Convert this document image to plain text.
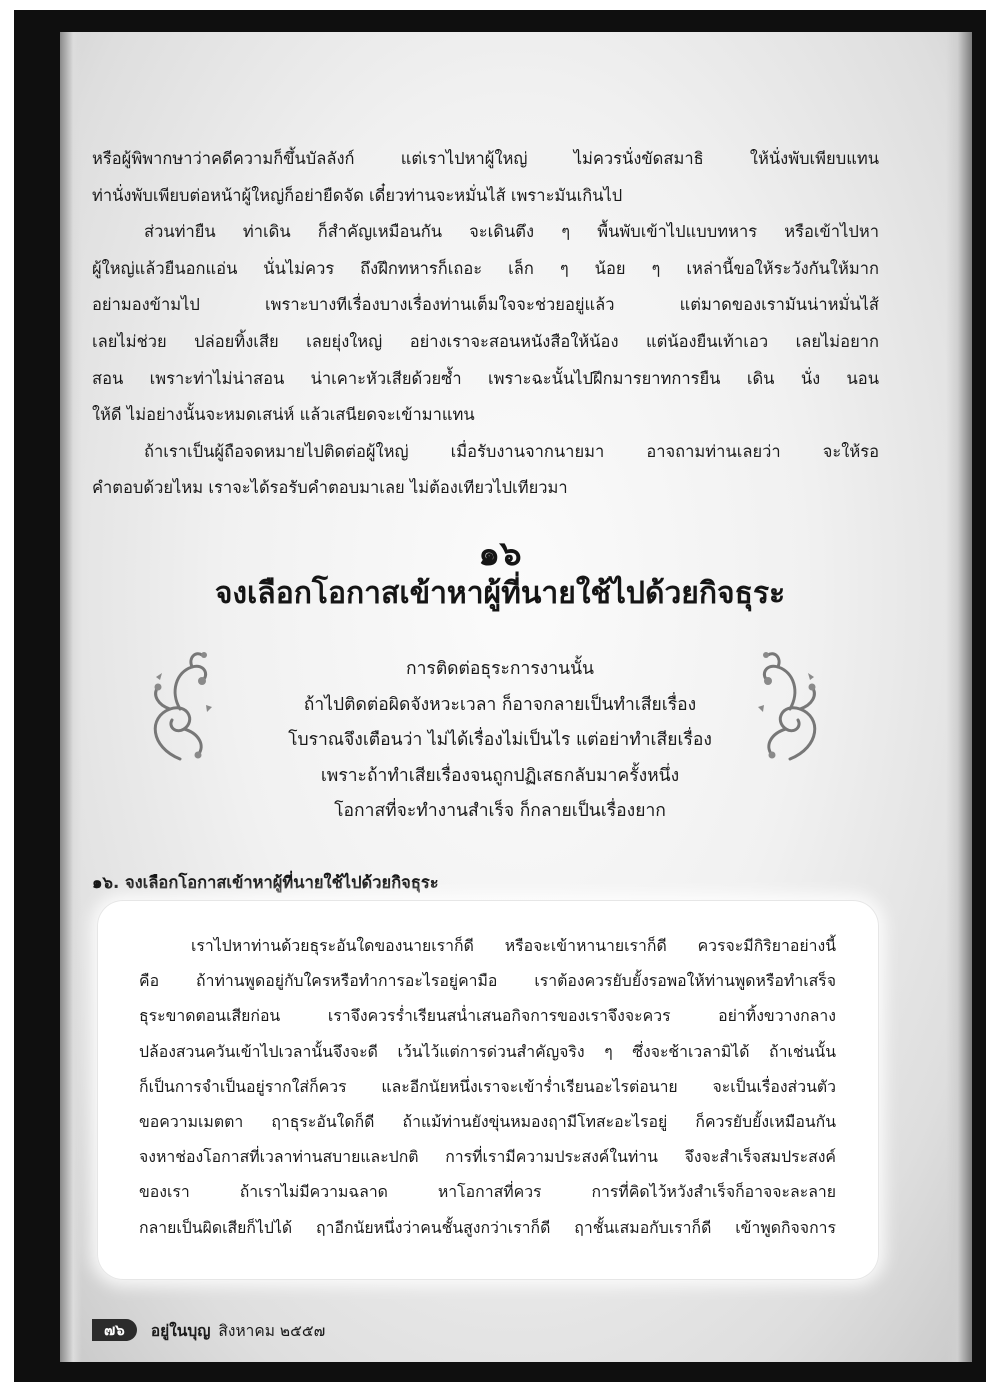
หรือผู้พิพากษาว่าคดีความก็ขึ้นบัลลังก์ แต่เราไปหาผู้ใหญ่ ไม่ควรนั่งขัดสมาธิ ให้นั่งพับเพียบแทน
ท่านั่งพับเพียบต่อหน้าผู้ใหญ่ก็อย่ายืดจัด เดี๋ยวท่านจะหมั่นไส้ เพราะมันเกินไป
ส่วนท่ายืน ท่าเดิน ก็สำคัญเหมือนกัน จะเดินตึง ๆ พื้นพับเข้าไปแบบทหาร หรือเข้าไปหา
ผู้ใหญ่แล้วยืนอกแอ่น นั่นไม่ควร ถึงฝึกทหารก็เถอะ เล็ก ๆ น้อย ๆ เหล่านี้ขอให้ระวังกันให้มาก
อย่ามองข้ามไป เพราะบางทีเรื่องบางเรื่องท่านเต็มใจจะช่วยอยู่แล้ว แต่มาดของเรามันน่าหมั่นไส้
เลยไม่ช่วย ปล่อยทิ้งเสีย เลยยุ่งใหญ่ อย่างเราจะสอนหนังสือให้น้อง แต่น้องยืนเท้าเอว เลยไม่อยาก
สอน เพราะท่าไม่น่าสอน น่าเคาะหัวเสียด้วยซ้ำ เพราะฉะนั้นไปฝึกมารยาทการยืน เดิน นั่ง นอน
ให้ดี ไม่อย่างนั้นจะหมดเสน่ห์ แล้วเสนียดจะเข้ามาแทน
ถ้าเราเป็นผู้ถือจดหมายไปติดต่อผู้ใหญ่ เมื่อรับงานจากนายมา อาจถามท่านเลยว่า จะให้รอ
คำตอบด้วยไหม เราจะได้รอรับคำตอบมาเลย ไม่ต้องเทียวไปเทียวมา
๑๖
จงเลือกโอกาสเข้าหาผู้ที่นายใช้ไปด้วยกิจธุระ
การติดต่อธุระการงานนั้น
ถ้าไปติดต่อผิดจังหวะเวลา ก็อาจกลายเป็นทำเสียเรื่อง
โบราณจึงเตือนว่า ไม่ได้เรื่องไม่เป็นไร แต่อย่าทำเสียเรื่อง
เพราะถ้าทำเสียเรื่องจนถูกปฏิเสธกลับมาครั้งหนึ่ง
โอกาสที่จะทำงานสำเร็จ ก็กลายเป็นเรื่องยาก
๑๖. จงเลือกโอกาสเข้าหาผู้ที่นายใช้ไปด้วยกิจธุระ
เราไปหาท่านด้วยธุระอันใดของนายเราก็ดี หรือจะเข้าหานายเราก็ดี ควรจะมีกิริยาอย่างนี้
คือ ถ้าท่านพูดอยู่กับใครหรือทำการอะไรอยู่คามือ เราต้องควรยับยั้งรอพอให้ท่านพูดหรือทำเสร็จ
ธุระขาดตอนเสียก่อน เราจึงควรร่ำเรียนสน่ำเสนอกิจการของเราจึงจะควร อย่าทิ้งขวางกลาง
ปล้องสวนควันเข้าไปเวลานั้นจึงจะดี เว้นไว้แต่การด่วนสำคัญจริง ๆ ซึ่งจะช้าเวลามิได้ ถ้าเช่นนั้น
ก็เป็นการจำเป็นอยู่รากใส่ก็ควร และอีกนัยหนึ่งเราจะเข้าร่ำเรียนอะไรต่อนาย จะเป็นเรื่องส่วนตัว
ขอความเมตตา ฤาธุระอันใดก็ดี ถ้าแม้ท่านยังขุ่นหมองฤามีโทสะอะไรอยู่ ก็ควรยับยั้งเหมือนกัน
จงหาช่องโอกาสที่เวลาท่านสบายและปกติ การที่เรามีความประสงค์ในท่าน จึงจะสำเร็จสมประสงค์
ของเรา ถ้าเราไม่มีความฉลาด หาโอกาสที่ควร การที่คิดไว้หวังสำเร็จก็อาจจะละลาย
กลายเป็นผิดเสียก็ไปได้ ฤาอีกนัยหนึ่งว่าคนชั้นสูงกว่าเราก็ดี ฤาชั้นเสมอกับเราก็ดี เข้าพูดกิจจการ
๗๖	อยู่ในบุญ สิงหาคม ๒๕๕๗
